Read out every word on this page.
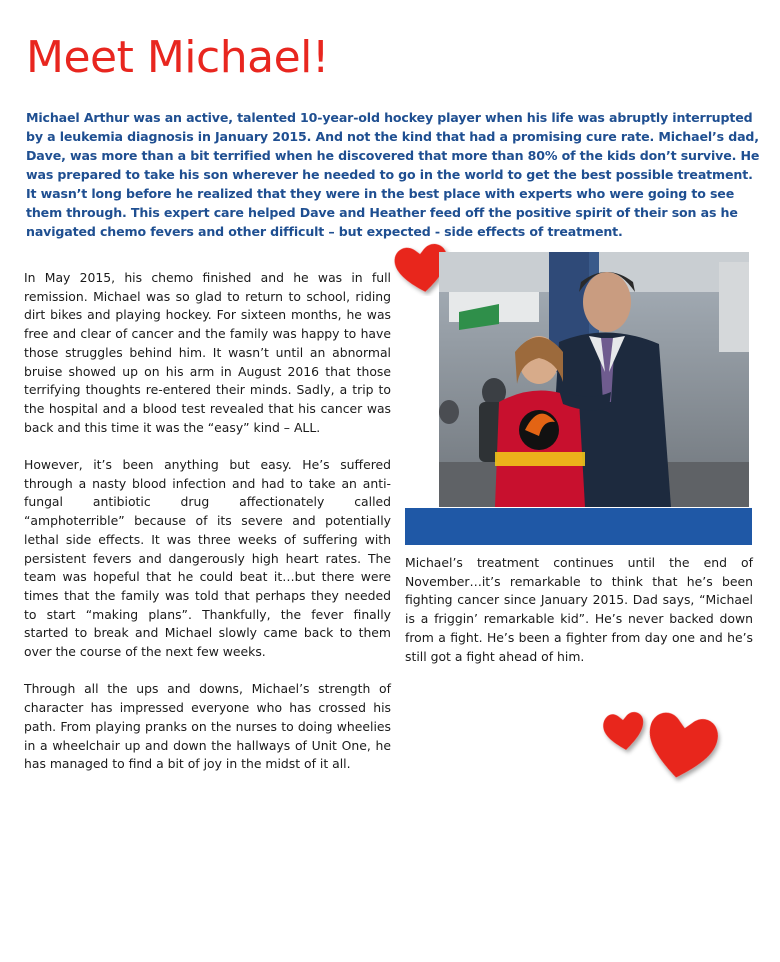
Meet Michael!

Michael Arthur was an active, talented 10-year-old hockey player when his life was abruptly interrupted by a leukemia diagnosis in January 2015. And not the kind that had a promising cure rate. Michael’s dad, Dave, was more than a bit terrified when he discovered that more than 80% of the kids don’t survive. He was prepared to take his son wherever he needed to go in the world to get the best possible treatment. It wasn’t long before he realized that they were in the best place with experts who were going to see them through. This expert care helped Dave and Heather feed off the positive spirit of their son as he navigated chemo fevers and other difficult – but expected - side effects of treatment.

In May 2015, his chemo finished and he was in full remission. Michael was so glad to return to school, riding dirt bikes and playing hockey. For sixteen months, he was free and clear of cancer and the family was happy to have those struggles behind him. It wasn’t until an abnormal bruise showed up on his arm in August 2016 that those terrifying thoughts re-entered their minds. Sadly, a trip to the hospital and a blood test revealed that his cancer was back and this time it was the “easy” kind – ALL.

However, it’s been anything but easy. He’s suffered through a nasty blood infection and had to take an anti-fungal antibiotic drug affectionately called “amphoterrible” because of its severe and potentially lethal side effects. It was three weeks of suffering with persistent fevers and dangerously high heart rates. The team was hopeful that he could beat it…but there were times that the family was told that perhaps they needed to start “making plans”. Thankfully, the fever finally started to break and Michael slowly came back to them over the course of the next few weeks.

Through all the ups and downs, Michael’s strength of character has impressed everyone who has crossed his path. From playing pranks on the nurses to doing wheelies in a wheelchair up and down the hallways of Unit One, he has managed to find a bit of joy in the midst of it all.

Michael’s treatment continues until the end of November…it’s remarkable to think that he’s been fighting cancer since January 2015. Dad says, “Michael is a friggin’ remarkable kid”. He’s never backed down from a fight. He’s been a fighter from day one and he’s still got a fight ahead of him.
